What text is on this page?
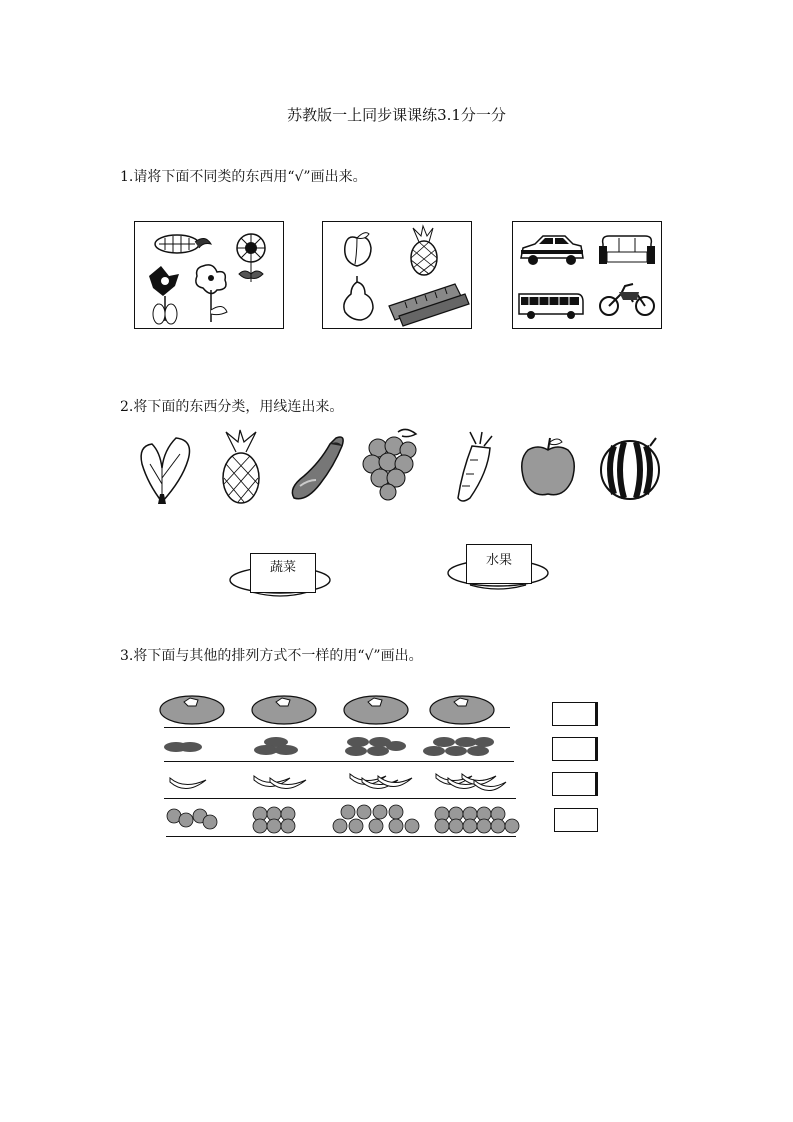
苏教版一上同步课课练3.1分一分
1.请将下面不同类的东西用“√”画出来。
2.将下面的东西分类，用线连出来。
蔬菜	水果
3.将下面与其他的排列方式不一样的用“√”画出。
